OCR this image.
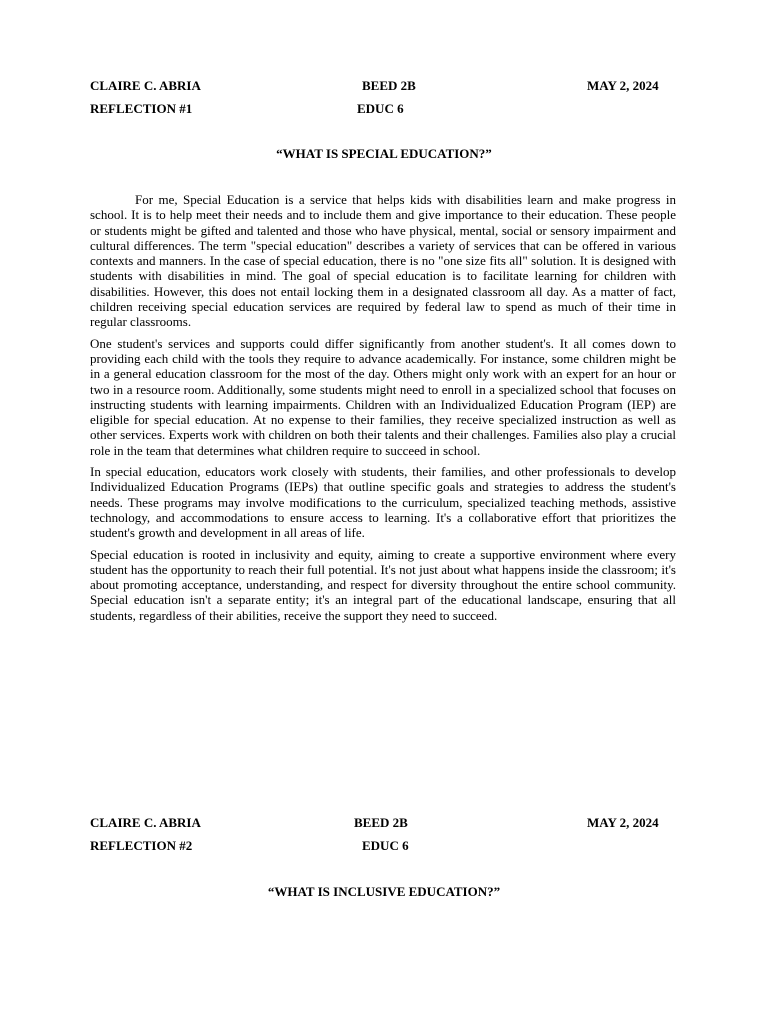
CLAIRE C. ABRIA	BEED 2B	MAY 2, 2024
REFLECTION #1	EDUC 6
“WHAT IS SPECIAL EDUCATION?”

For me, Special Education is a service that helps kids with disabilities learn and make progress in school. It is to help meet their needs and to include them and give importance to their education. These people or students might be gifted and talented and those who have physical, mental, social or sensory impairment and cultural differences. The term "special education" describes a variety of services that can be offered in various contexts and manners. In the case of special education, there is no "one size fits all" solution. It is designed with students with disabilities in mind. The goal of special education is to facilitate learning for children with disabilities. However, this does not entail locking them in a designated classroom all day. As a matter of fact, children receiving special education services are required by federal law to spend as much of their time in regular classrooms.

One student's services and supports could differ significantly from another student's. It all comes down to providing each child with the tools they require to advance academically. For instance, some children might be in a general education classroom for the most of the day. Others might only work with an expert for an hour or two in a resource room. Additionally, some students might need to enroll in a specialized school that focuses on instructing students with learning impairments. Children with an Individualized Education Program (IEP) are eligible for special education. At no expense to their families, they receive specialized instruction as well as other services. Experts work with children on both their talents and their challenges. Families also play a crucial role in the team that determines what children require to succeed in school.

In special education, educators work closely with students, their families, and other professionals to develop Individualized Education Programs (IEPs) that outline specific goals and strategies to address the student's needs. These programs may involve modifications to the curriculum, specialized teaching methods, assistive technology, and accommodations to ensure access to learning. It's a collaborative effort that prioritizes the student's growth and development in all areas of life.

Special education is rooted in inclusivity and equity, aiming to create a supportive environment where every student has the opportunity to reach their full potential. It's not just about what happens inside the classroom; it's about promoting acceptance, understanding, and respect for diversity throughout the entire school community. Special education isn't a separate entity; it's an integral part of the educational landscape, ensuring that all students, regardless of their abilities, receive the support they need to succeed.

CLAIRE C. ABRIA	BEED 2B	MAY 2, 2024
REFLECTION #2	EDUC 6
“WHAT IS INCLUSIVE EDUCATION?”
